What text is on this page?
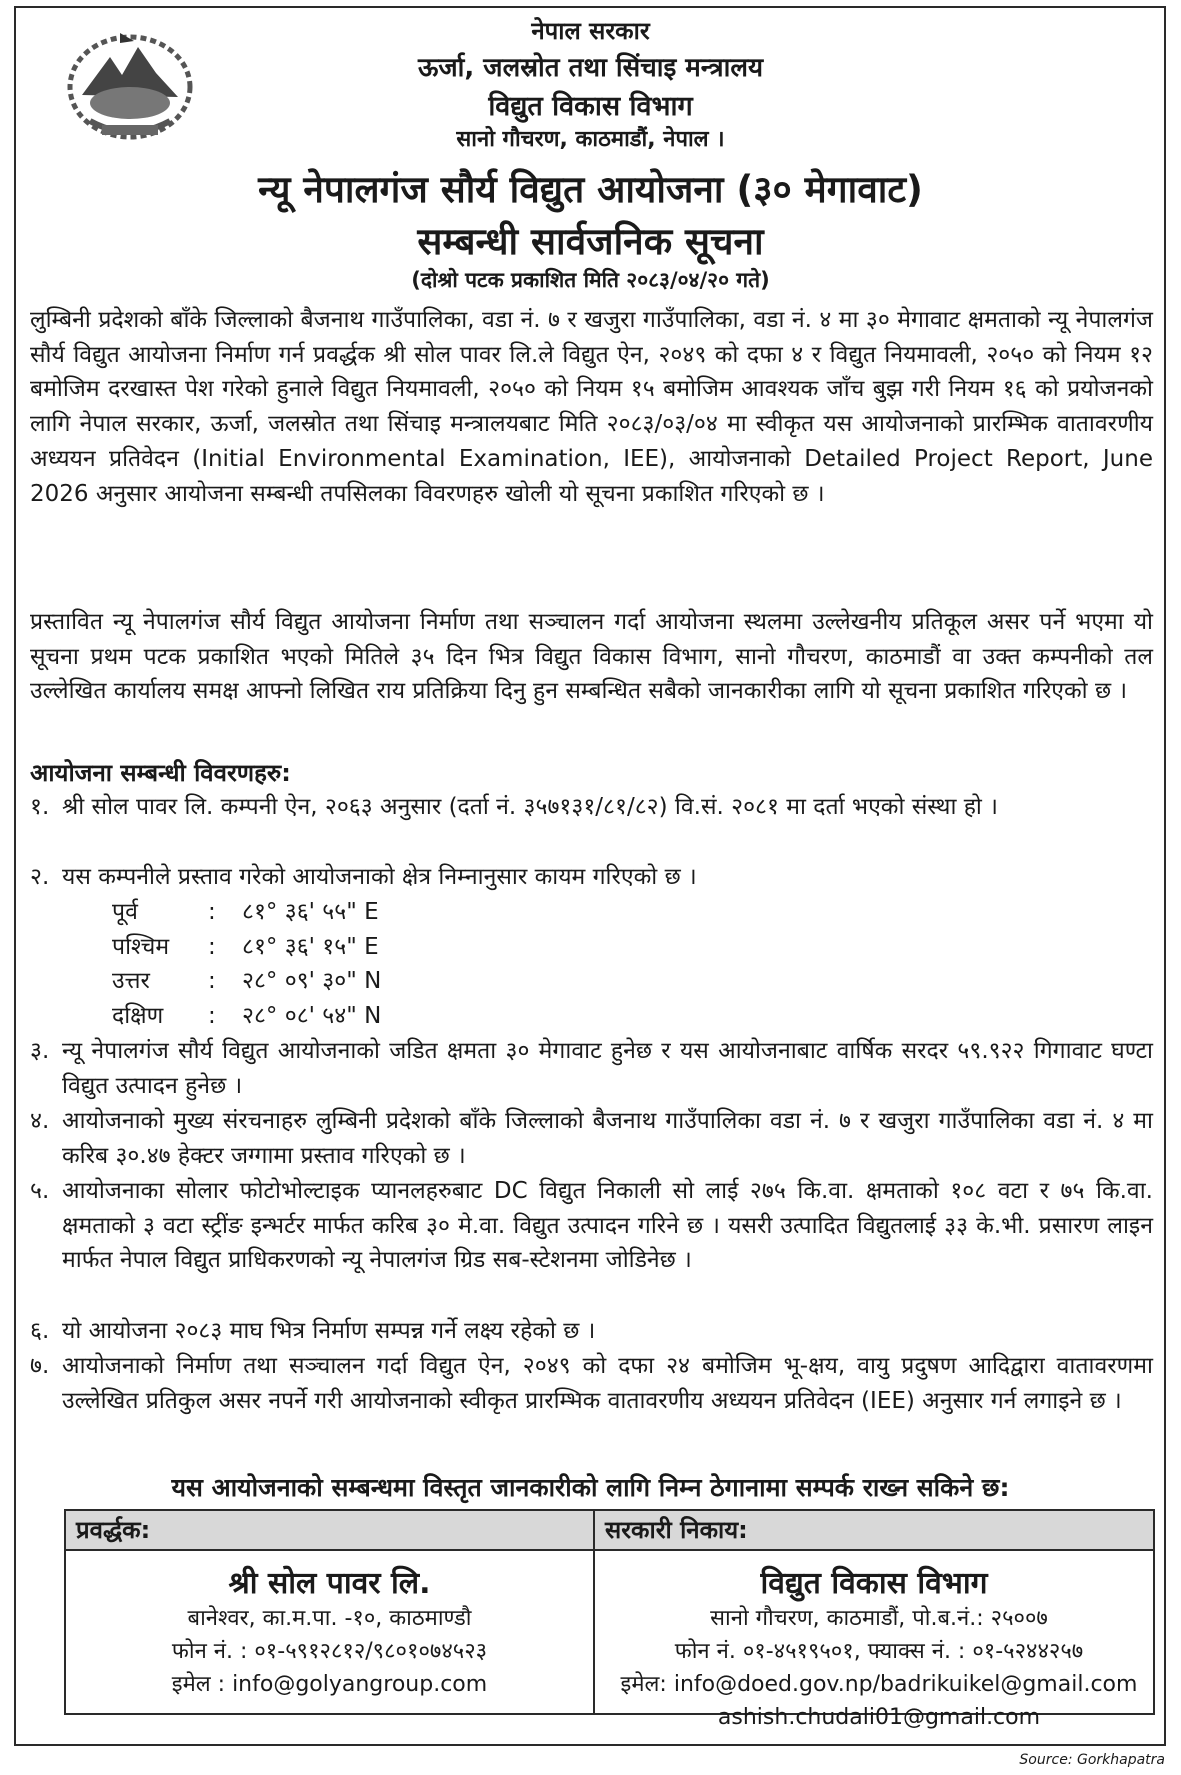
नेपाल सरकार
ऊर्जा, जलस्रोत तथा सिंचाइ मन्त्रालय
विद्युत विकास विभाग
सानो गौचरण, काठमाडौं, नेपाल ।
न्यू नेपालगंज सौर्य विद्युत आयोजना (३० मेगावाट)
सम्बन्धी सार्वजनिक सूचना
(दोश्रो पटक प्रकाशित मिति २०८३/०४/२० गते)

लुम्बिनी प्रदेशको बाँके जिल्लाको बैजनाथ गाउँपालिका, वडा नं. ७ र खजुरा गाउँपालिका, वडा नं. ४ मा ३० मेगावाट क्षमताको न्यू नेपालगंज सौर्य विद्युत आयोजना निर्माण गर्न प्रवर्द्धक श्री सोल पावर लि.ले विद्युत ऐन, २०४९ को दफा ४ र विद्युत नियमावली, २०५० को नियम १२ बमोजिम दरखास्त पेश गरेको हुनाले विद्युत नियमावली, २०५० को नियम १५ बमोजिम आवश्यक जाँच बुझ गरी नियम १६ को प्रयोजनको लागि नेपाल सरकार, ऊर्जा, जलस्रोत तथा सिंचाइ मन्त्रालयबाट मिति २०८३/०३/०४ मा स्वीकृत यस आयोजनाको प्रारम्भिक वातावरणीय अध्ययन प्रतिवेदन (Initial Environmental Examination, IEE), आयोजनाको Detailed Project Report, June 2026 अनुसार आयोजना सम्बन्धी तपसिलका विवरणहरु खोली यो सूचना प्रकाशित गरिएको छ ।

प्रस्तावित न्यू नेपालगंज सौर्य विद्युत आयोजना निर्माण तथा सञ्चालन गर्दा आयोजना स्थलमा उल्लेखनीय प्रतिकूल असर पर्ने भएमा यो सूचना प्रथम पटक प्रकाशित भएको मितिले ३५ दिन भित्र विद्युत विकास विभाग, सानो गौचरण, काठमाडौं वा उक्त कम्पनीको तल उल्लेखित कार्यालय समक्ष आफ्नो लिखित राय प्रतिक्रिया दिनु हुन सम्बन्धित सबैको जानकारीका लागि यो सूचना प्रकाशित गरिएको छ ।

आयोजना सम्बन्धी विवरणहरु:
१. श्री सोल पावर लि. कम्पनी ऐन, २०६३ अनुसार (दर्ता नं. ३५७१३१/८१/८२) वि.सं. २०८१ मा दर्ता भएको संस्था हो ।
२. यस कम्पनीले प्रस्ताव गरेको आयोजनाको क्षेत्र निम्नानुसार कायम गरिएको छ ।
पूर्व	: ८१° ३६' ५५" E
पश्चिम : ८१° ३६' १५" E
उत्तर	: २८° ०९' ३०" N
दक्षिण : २८° ०८' ५४" N
३. न्यू नेपालगंज सौर्य विद्युत आयोजनाको जडित क्षमता ३० मेगावाट हुनेछ र यस आयोजनाबाट वार्षिक सरदर ५९.९२२ गिगावाट घण्टा विद्युत उत्पादन हुनेछ ।
४. आयोजनाको मुख्य संरचनाहरु लुम्बिनी प्रदेशको बाँके जिल्लाको बैजनाथ गाउँपालिका वडा नं. ७ र खजुरा गाउँपालिका वडा नं. ४ मा करिब ३०.४७ हेक्टर जग्गामा प्रस्ताव गरिएको छ ।
५. आयोजनाका सोलार फोटोभोल्टाइक प्यानलहरुबाट DC विद्युत निकाली सो लाई २७५ कि.वा. क्षमताको १०८ वटा र ७५ कि.वा. क्षमताको ३ वटा स्ट्रींङ इन्भर्टर मार्फत करिब ३० मे.वा. विद्युत उत्पादन गरिने छ । यसरी उत्पादित विद्युतलाई ३३ के.भी. प्रसारण लाइन मार्फत नेपाल विद्युत प्राधिकरणको न्यू नेपालगंज ग्रिड सब-स्टेशनमा जोडिनेछ ।
६. यो आयोजना २०८३ माघ भित्र निर्माण सम्पन्न गर्ने लक्ष्य रहेको छ ।
७. आयोजनाको निर्माण तथा सञ्चालन गर्दा विद्युत ऐन, २०४९ को दफा २४ बमोजिम भू-क्षय, वायु प्रदुषण आदिद्वारा वातावरणमा उल्लेखित प्रतिकुल असर नपर्ने गरी आयोजनाको स्वीकृत प्रारम्भिक वातावरणीय अध्ययन प्रतिवेदन (IEE) अनुसार गर्न लगाइने छ ।
यस आयोजनाको सम्बन्धमा विस्तृत जानकारीको लागि निम्न ठेगानामा सम्पर्क राख्न सकिने छ:
प्रवर्द्धक:
श्री सोल पावर लि.
बानेश्वर, का.म.पा. -१०, काठमाण्डौ
फोन नं. : ०१-५९१२८१२/९८०१०७४५२३
इमेल : info@golyangroup.com
सरकारी निकाय:
विद्युत विकास विभाग
सानो गौचरण, काठमाडौं, पो.ब.नं.: २५००७
फोन नं. ०१-४५१९५०१, फ्याक्स नं. : ०१-५२४४२५७
इमेल: info@doed.gov.np/badrikuikel@gmail.com
ashish.chudali01@gmail.com
Source: Gorkhapatra
